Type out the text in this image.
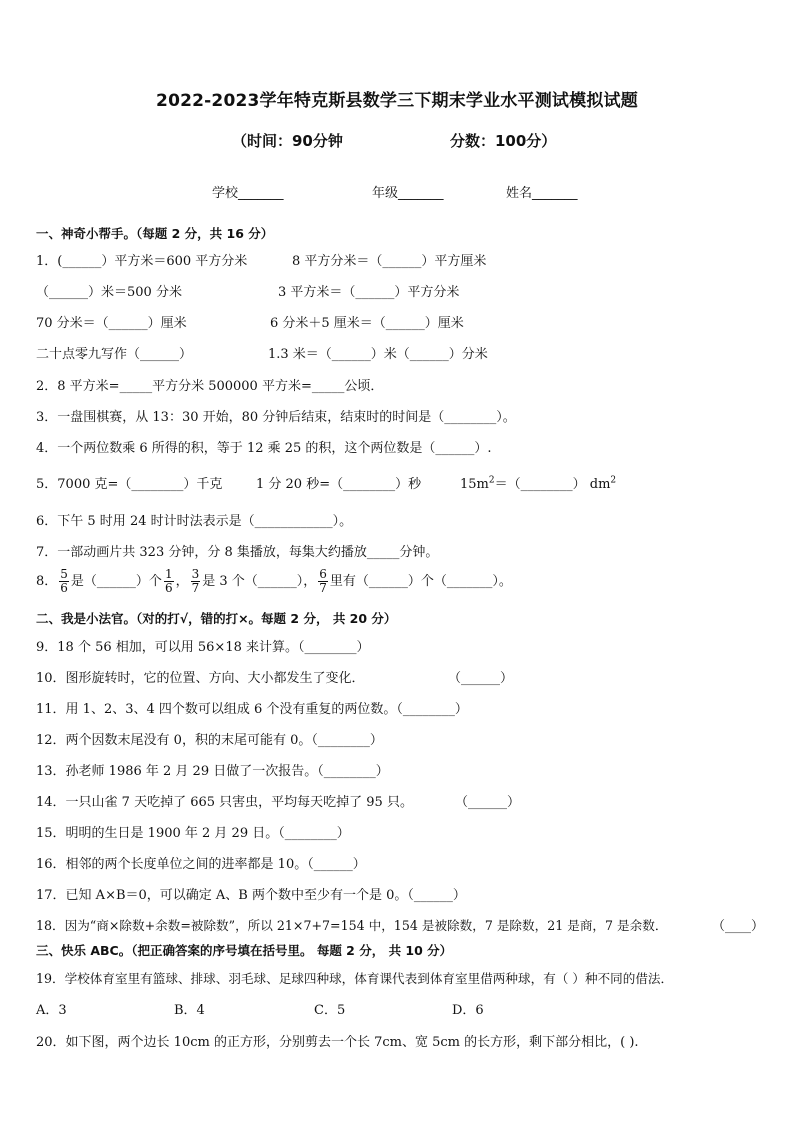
2022-2023学年特克斯县数学三下期末学业水平测试模拟试题
（时间：90分钟	分数：100分）
学校_______	年级_______	姓名_______
一、神奇小帮手。（每题 2 分，共 16 分）
1．(______）平方米＝600 平方分米	8 平方分米＝（______）平方厘米
（______）米＝500 分米	3 平方米＝（______）平方分米
70 分米＝（______）厘米	6 分米＋5 厘米＝（______）厘米
二十点零九写作（______）	1.3 米＝（______）米（______）分米
2．8 平方米=_____平方分米 500000 平方米=_____公顷．
3．一盘围棋赛，从 13：30 开始，80 分钟后结束，结束时的时间是（________）。
4．一个两位数乘 6 所得的积，等于 12 乘 25 的积，这个两位数是（______）.
5．7000 克=（________）千克	1 分 20 秒=（________）秒	$15m^2=(\_\_\_\_\_\_\_\_)$ $dm^2$
6．下午 5 时用 24 时计时法表示是（____________）。
7．一部动画片共 323 分钟，分 8 集播放，每集大约播放_____分钟。
8． $\frac{5}{6}$ 是（______）个 $\frac{1}{6}$ ， $\frac{3}{7}$ 是 3 个（______）， $\frac{6}{7}$ 里有（______）个（_______）。
二、我是小法官。（对的打√，错的打×。每题 2 分， 共 20 分）
9．18 个 56 相加，可以用 56×18 来计算。（________）
10．图形旋转时，它的位置、方向、大小都发生了变化．	（______）
11．用 1、2、3、4 四个数可以组成 6 个没有重复的两位数。（________）
12．两个因数末尾没有 0，积的末尾可能有 0。（________）
13．孙老师 1986 年 2 月 29 日做了一次报告。（________）
14．一只山雀 7 天吃掉了 665 只害虫，平均每天吃掉了 95 只。	（______）
15．明明的生日是 1900 年 2 月 29 日。（________）
16．相邻的两个长度单位之间的进率都是 10。（______）
17．已知 A×B＝0，可以确定 A、B 两个数中至少有一个是 0。（______）
18．因为“商×除数+余数=被除数”，所以 21×7+7=154 中，154 是被除数，7 是除数，21 是商，7 是余数．	（____）
三、快乐 ABC。（把正确答案的序号填在括号里。 每题 2 分， 共 10 分）
19．学校体育室里有篮球、排球、羽毛球、足球四种球，体育课代表到体育室里借两种球，有（ ）种不同的借法．
A．3	B．4	C．5	D．6
20．如下图，两个边长 10cm 的正方形，分别剪去一个长 7cm、宽 5cm 的长方形，剩下部分相比，( ).
